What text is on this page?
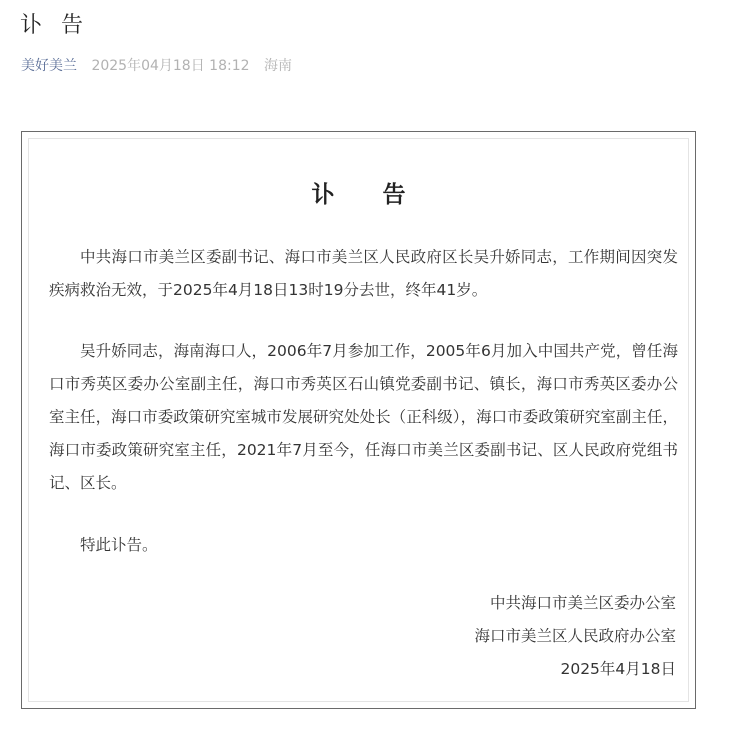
讣 告
美好美兰 2025年04月18日 18:12 海南
讣 告

中共海口市美兰区委副书记、海口市美兰区人民政府区长吴升娇同志，工作期间因突发疾病救治无效，于2025年4月18日13时19分去世，终年41岁。

吴升娇同志，海南海口人，2006年7月参加工作，2005年6月加入中国共产党，曾任海口市秀英区委办公室副主任，海口市秀英区石山镇党委副书记、镇长，海口市秀英区委办公室主任，海口市委政策研究室城市发展研究处处长（正科级），海口市委政策研究室副主任，海口市委政策研究室主任，2021年7月至今，任海口市美兰区委副书记、区人民政府党组书记、区长。

特此讣告。

中共海口市美兰区委办公室

海口市美兰区人民政府办公室

2025年4月18日
